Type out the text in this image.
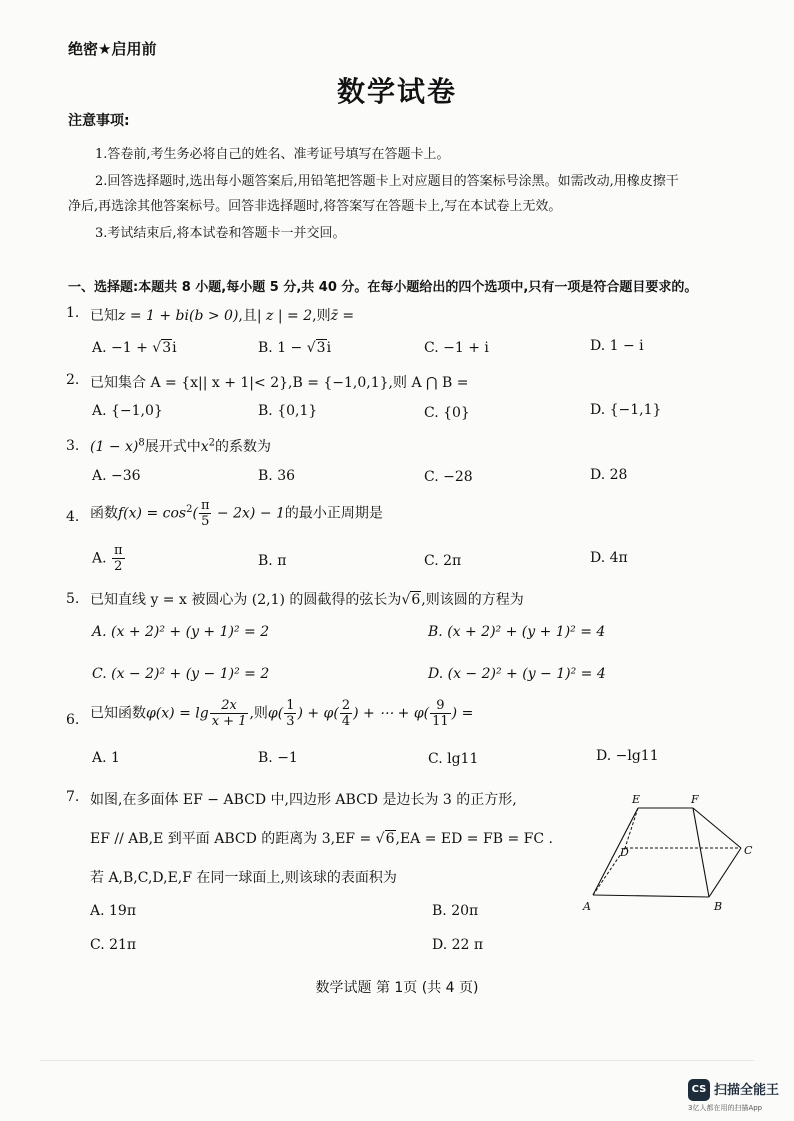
绝密★启用前
数学试卷
注意事项:
1.答卷前,考生务必将自己的姓名、准考证号填写在答题卡上。
2.回答选择题时,选出每小题答案后,用铅笔把答题卡上对应题目的答案标号涂黑。如需改动,用橡皮擦干
净后,再选涂其他答案标号。回答非选择题时,将答案写在答题卡上,写在本试卷上无效。
3.考试结束后,将本试卷和答题卡一并交回。
一、选择题:本题共 8 小题,每小题 5 分,共 40 分。在每小题给出的四个选项中,只有一项是符合题目要求的。
1. 已知z = 1 + bi(b > 0),且| z | = 2,则z̄ =
A. −1 + √3i	B. 1 − √3i	C. −1 + i	D. 1 − i
2. 已知集合 A = {x|| x + 1|< 2},B = {−1,0,1},则 A ⋂ B =
A. {−1,0}	B. {0,1}	C. {0}	D. {−1,1}
3. $(1 - x)^8$展开式中$x^2$的系数为
A. −36	B. 36	C. −28	D. 28
4. 函数$f(x) = \cos^2( \frac{\pi}{5} - 2x) - 1$的最小正周期是
A. $\frac{\pi}{2}$	B. π	C. 2π	D. 4π
5. 已知直线 y = x 被圆心为 (2,1) 的圆截得的弦长为√6,则该圆的方程为
A. (x + 2)² + (y + 1)² = 2	B. (x + 2)² + (y + 1)² = 4
C. (x − 2)² + (y − 1)² = 2	D. (x − 2)² + (y − 1)² = 4
6. 已知函数$\varphi(x) = \lg \frac{2x}{x + 1}$ ,则$\varphi( \frac{1}{3}$ ) + $\varphi( \frac{2}{4}$ ) + ⋯ + $\varphi( \frac{9}{11}$ ) =
A. 1	B. −1	C. lg11	D. −lg11
7. 如图,在多面体 EF − ABCD 中,四边形 ABCD 是边长为 3 的正方形,
EF // AB,E 到平面 ABCD 的距离为 3,EF = √6,EA = ED = FB = FC .
若 A,B,C,D,E,F 在同一球面上,则该球的表面积为
A. 19π	B. 20π
C. 21π	D. 22 π
E	F
D	C
A	B
数学试题 第 1页 (共 4 页)
CS 扫描全能王
3亿人都在用的扫描App
